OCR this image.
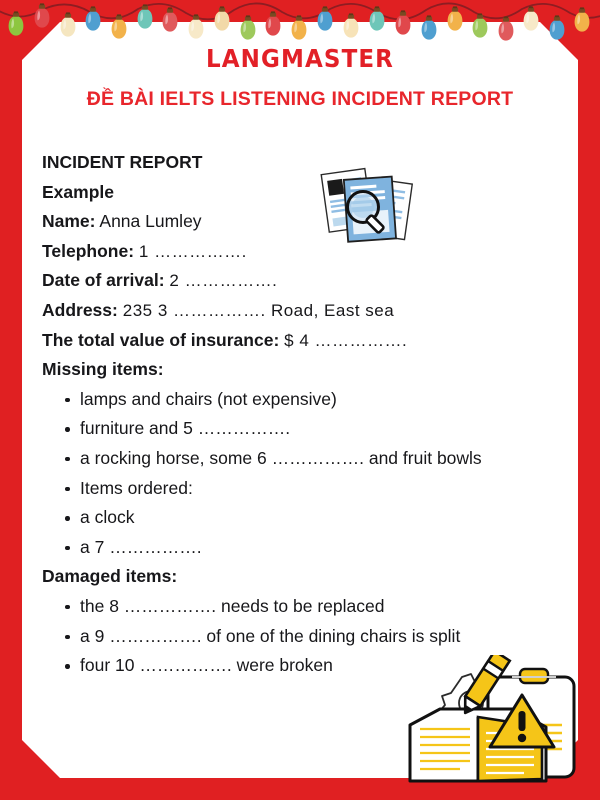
LANGMASTER
ĐỀ BÀI IELTS LISTENING INCIDENT REPORT
INCIDENT REPORT
Example
Name: Anna Lumley
Telephone: 1 …………….
Date of arrival: 2 …………….
Address: 235 3 ……………. Road, East sea
The total value of insurance: $ 4 …………….
Missing items:
lamps and chairs (not expensive)
furniture and 5 …………….
a rocking horse, some 6 ……………. and fruit bowls
Items ordered:
a clock
a 7 …………….
Damaged items:
the 8 ……………. needs to be replaced
a 9 ……………. of one of the dining chairs is split
four 10 ……………. were broken
